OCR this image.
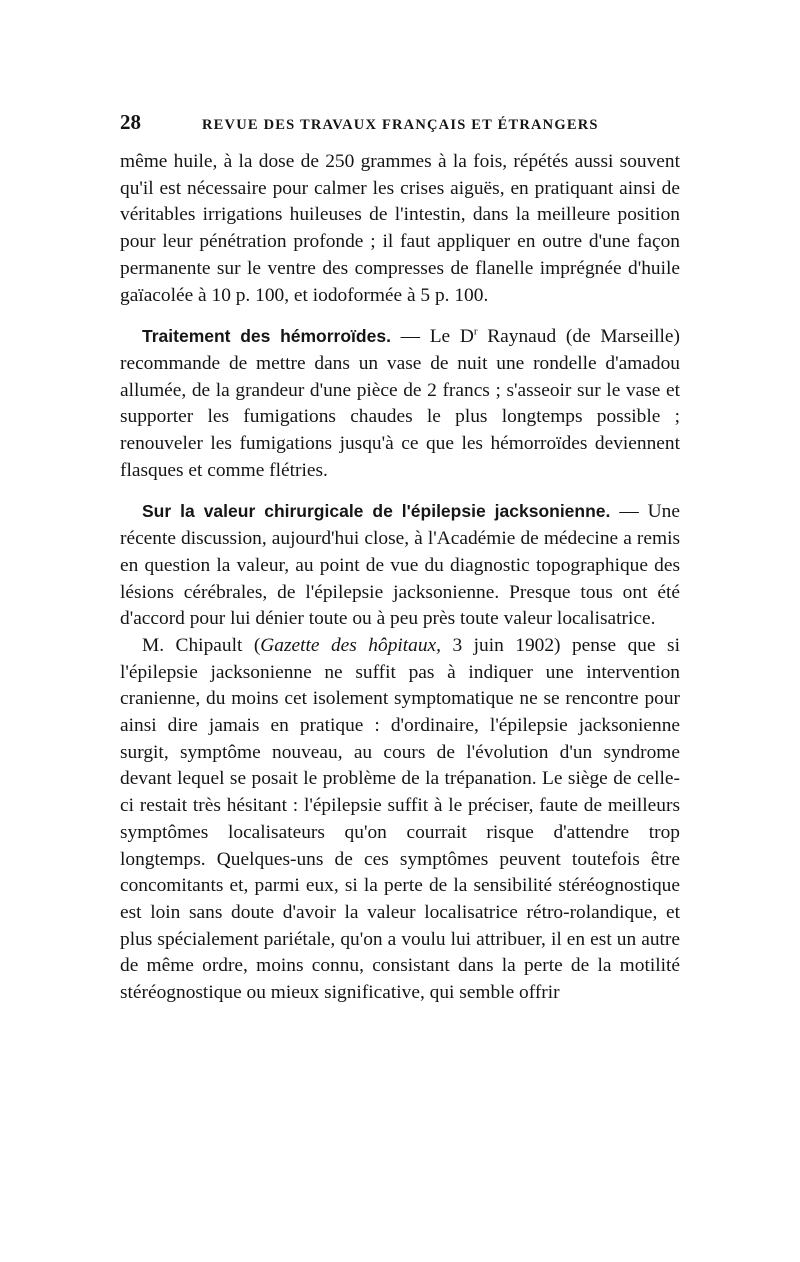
28	REVUE DES TRAVAUX FRANÇAIS ET ÉTRANGERS

même huile, à la dose de 250 grammes à la fois, répétés aussi souvent qu'il est nécessaire pour calmer les crises aiguës, en pratiquant ainsi de véritables irrigations huileuses de l'intestin, dans la meilleure position pour leur pénétration profonde ; il faut appliquer en outre d'une façon permanente sur le ventre des compresses de flanelle imprégnée d'huile gaïacolée à 10 p. 100, et iodoformée à 5 p. 100.

Traitement des hémorroïdes. — Le $D^r$ Raynaud (de Marseille) recommande de mettre dans un vase de nuit une rondelle d'amadou allumée, de la grandeur d'une pièce de 2 francs ; s'asseoir sur le vase et supporter les fumigations chaudes le plus longtemps possible ; renouveler les fumigations jusqu'à ce que les hémorroïdes deviennent flasques et comme flétries.

Sur la valeur chirurgicale de l'épilepsie jacksonienne. — Une récente discussion, aujourd'hui close, à l'Académie de médecine a remis en question la valeur, au point de vue du diagnostic topographique des lésions cérébrales, de l'épilepsie jacksonienne. Presque tous ont été d'accord pour lui dénier toute ou à peu près toute valeur localisatrice.

M. Chipault (Gazette des hôpitaux, 3 juin 1902) pense que si l'épilepsie jacksonienne ne suffit pas à indiquer une intervention cranienne, du moins cet isolement symptomatique ne se rencontre pour ainsi dire jamais en pratique : d'ordinaire, l'épilepsie jacksonienne surgit, symptôme nouveau, au cours de l'évolution d'un syndrome devant lequel se posait le problème de la trépanation. Le siège de celle-ci restait très hésitant : l'épilepsie suffit à le préciser, faute de meilleurs symptômes localisateurs qu'on courrait risque d'attendre trop longtemps. Quelques-uns de ces symptômes peuvent toutefois être concomitants et, parmi eux, si la perte de la sensibilité stéréognostique est loin sans doute d'avoir la valeur localisatrice rétro-rolandique, et plus spécialement pariétale, qu'on a voulu lui attribuer, il en est un autre de même ordre, moins connu, consistant dans la perte de la motilité stéréognostique ou mieux significative, qui semble offrir
